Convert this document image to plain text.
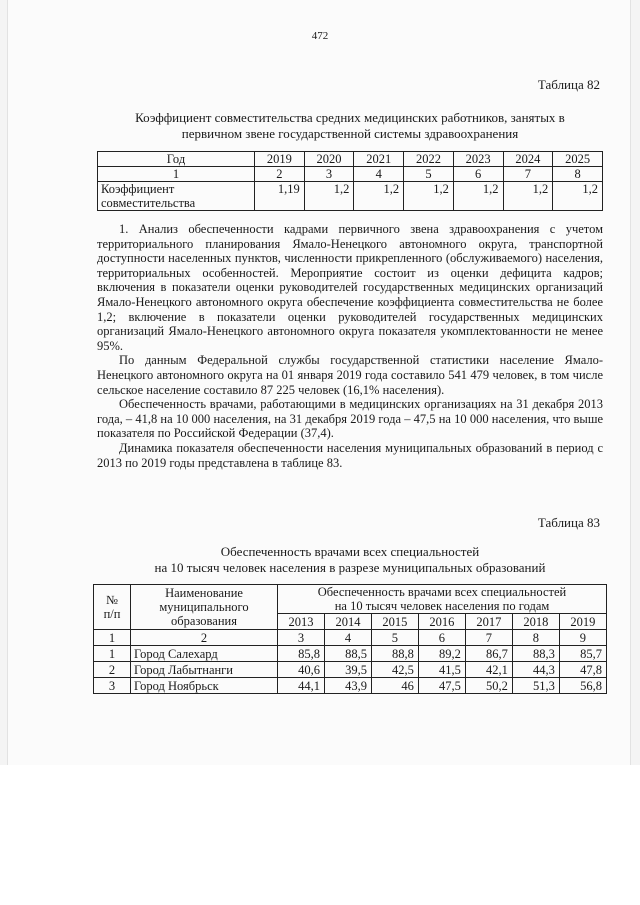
472

Таблица 82

Коэффициент совместительства средних медицинских работников, занятых в
первичном звене государственной системы здравоохранения
Год	2019	2020	2021	2022	2023	2024	2025
1	2	3	4	5	6	7	8
Коэффициент
совместительства	1,19	1,2	1,2	1,2	1,2	1,2	1,2

1. Анализ обеспеченности кадрами первичного звена здравоохранения с учетом территориального планирования Ямало-Ненецкого автономного округа, транспортной доступности населенных пунктов, численности прикрепленного (обслуживаемого) населения, территориальных особенностей. Мероприятие состоит из оценки дефицита кадров; включения в показатели оценки руководителей государственных медицинских организаций Ямало-Ненецкого автономного округа обеспечение коэффициента совместительства не более 1,2; включение в показатели оценки руководителей государственных медицинских организаций Ямало-Ненецкого автономного округа показателя укомплектованности не менее 95%.

По данным Федеральной службы государственной статистики население Ямало-Ненецкого автономного округа на 01 января 2019 года составило 541 479 человек, в том числе сельское население составило 87 225 человек (16,1% населения).

Обеспеченность врачами, работающими в медицинских организациях на 31 декабря 2013 года, – 41,8 на 10 000 населения, на 31 декабря 2019 года – 47,5 на 10 000 населения, что выше показателя по Российской Федерации (37,4).

Динамика показателя обеспеченности населения муниципальных образований в период с 2013 по 2019 годы представлена в таблице 83.

Таблица 83

Обеспеченность врачами всех специальностей
на 10 тысяч человек населения в разрезе муниципальных образований
№
п/п	Наименование
муниципального
образования	Обеспеченность врачами всех специальностей
на 10 тысяч человек населения по годам						
		2013	2014	2015	2016	2017	2018	2019
1	2	3	4	5	6	7	8	9
1	Город Салехард	85,8	88,5	88,8	89,2	86,7	88,3	85,7
2	Город Лабытнанги	40,6	39,5	42,5	41,5	42,1	44,3	47,8
3	Город Ноябрьск	44,1	43,9	46	47,5	50,2	51,3	56,8
